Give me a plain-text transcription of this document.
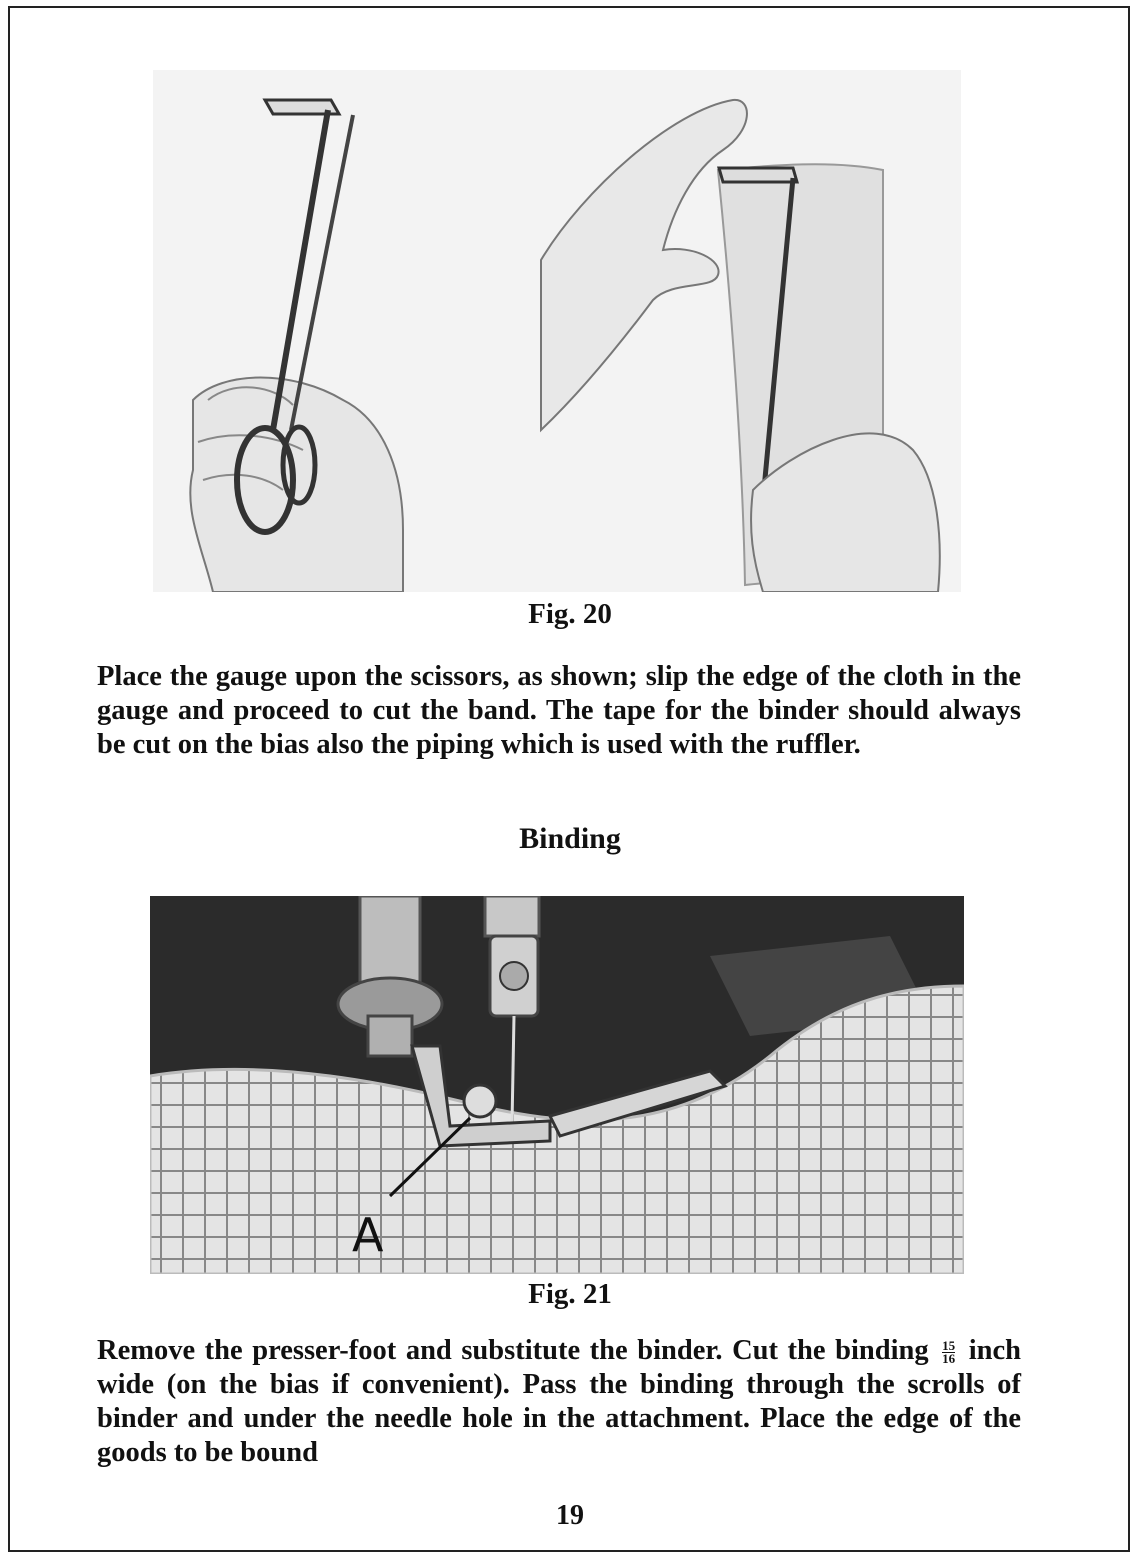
Fig. 20

Place the gauge upon the scissors, as shown; slip the edge of the cloth in the gauge and proceed to cut the band. The tape for the binder should always be cut on the bias also the piping which is used with the ruffler.

Binding
A
Fig. 21

Remove the presser-foot and substitute the binder. Cut the binding $\frac{15}{16}$ inch wide (on the bias if convenient). Pass the binding through the scrolls of binder and under the needle hole in the attachment. Place the edge of the goods to be bound

19
